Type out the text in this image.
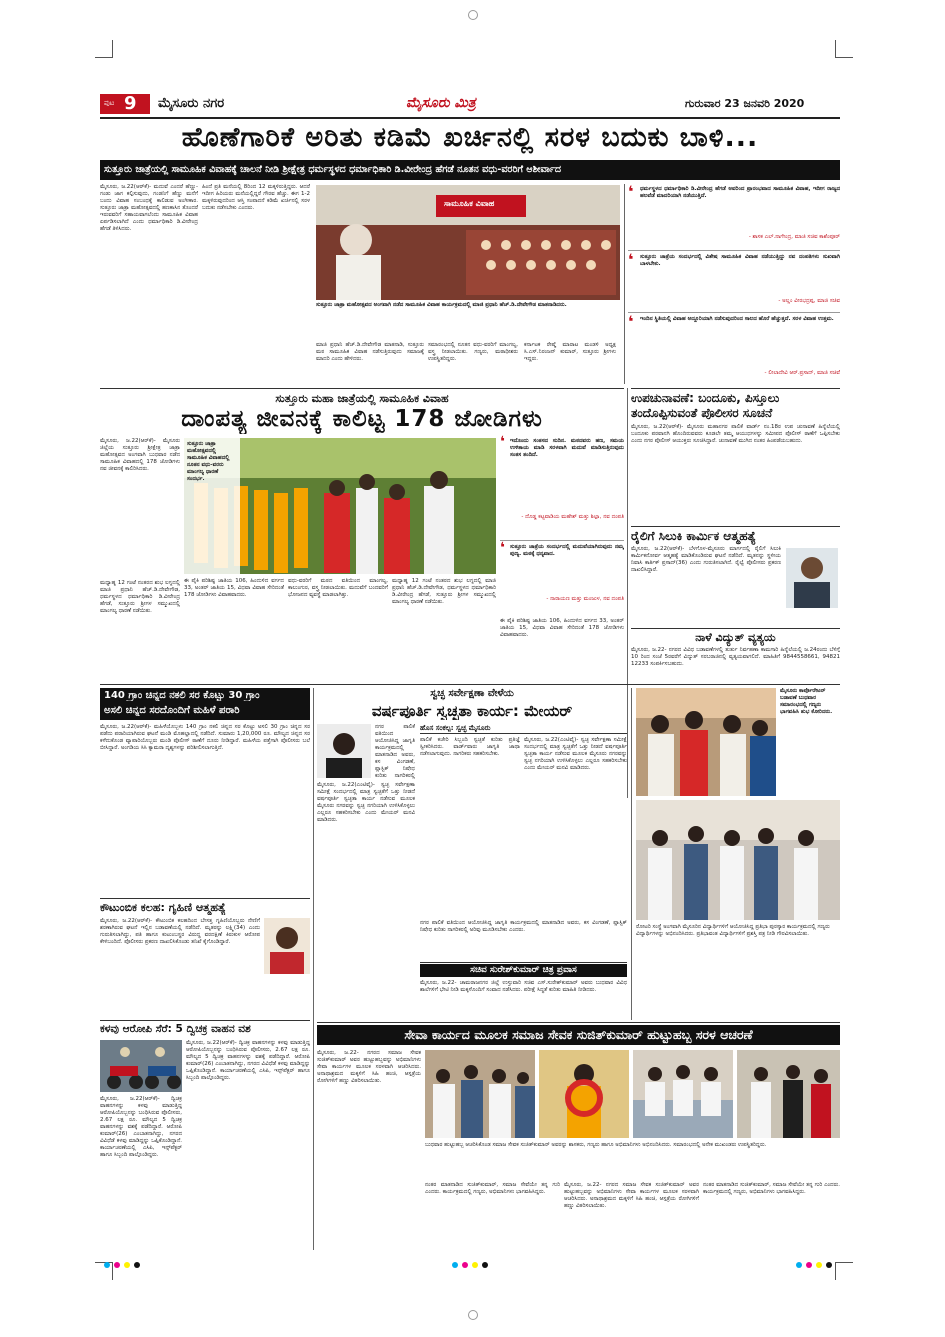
ಪುಟ 9 ಮೈಸೂರು ನಗರ	ಮೈಸೂರು ಮಿತ್ರ	ಗುರುವಾರ 23 ಜನವರಿ 2020
ಹೊಣೆಗಾರಿಕೆ ಅರಿತು ಕಡಿಮೆ ಖರ್ಚಿನಲ್ಲಿ ಸರಳ ಬದುಕು ಬಾಳಿ...
ಸುತ್ತೂರು ಜಾತ್ರೆಯಲ್ಲಿ ಸಾಮೂಹಿಕ ವಿವಾಹಕ್ಕೆ ಚಾಲನೆ ನೀಡಿ ಶ್ರೀಕ್ಷೇತ್ರ ಧರ್ಮಸ್ಥಳದ ಧರ್ಮಾಧಿಕಾರಿ ಡಿ.ವೀರೇಂದ್ರ ಹೆಗಡೆ ನೂತನ ವಧು-ವರರಿಗೆ ಆಶೀರ್ವಾದ
ಮೈಸೂರು, ಜ.22(ಆರ್‌ಕೆ)- ಮದುವೆ ಎಂದರೆ ಹೆಣ್ಣು-ಗಂಡು ಜಾಗ ಕಲ್ಪಿಸುವುದು, ಗಂಡನಿಗೆ ಹೆಣ್ಣು ಮನೆಗೆ ಬಂದು ವಿವಾಹ ಸಂಬಂಧಕ್ಕೆ ಕಾಲಿಡುವ ಅಂಗೀಕಾರ. ಸುತ್ತೂರು ಜಾತ್ರಾ ಮಹೋತ್ಸವದಲ್ಲಿ ಹಣಕಾಸಿನ ತೊಂದರೆ ಇರುವವರಿಗೆ ಸಹಾಯವಾಗಲೆಂದು ಸಾಮೂಹಿಕ ವಿವಾಹ ಏರ್ಪಡಿಸಲಾಗಿದೆ ಎಂದು ಧರ್ಮಾಧಿಕಾರಿ ಡಿ.ವೀರೇಂದ್ರ ಹೆಗಡೆ ತಿಳಿಸಿದರು.
ಹಿಂದೆ ಪ್ರತಿ ಮನೆಯಲ್ಲಿ 8ರಿಂದ 12 ಮಕ್ಕಳಿರುತ್ತಿದ್ದರು. ಆದರೆ ಇದೀಗ ಹಿರಿಯರು ಮನೆಯಲ್ಲಿದ್ದರೆ ಗೌರವ ಹೆಚ್ಚು. ಈಗ 1-2 ಮಕ್ಕಳಿರುವುದರಿಂದ ಆಸ್ತಿ ಸಂಪಾದನೆ ಕಡಿಮೆ ಖರ್ಚಿನಲ್ಲಿ ಸರಳ ಬದುಕು ನಡೆಸಬೇಕು ಎಂದರು.
ಮಾಜಿ ಪ್ರಧಾನಿ ಹೆಚ್.ಡಿ.ದೇವೇಗೌಡ ಮಾತನಾಡಿ, ಸುತ್ತೂರು ಮಠ ಸಾಮೂಹಿಕ ವಿವಾಹ ನಡೆಸುತ್ತಿರುವುದು ಸಮಾಜಕ್ಕೆ ಮಾದರಿ ಎಂದು ಹೇಳಿದರು.
ಸಮಾರಂಭದಲ್ಲಿ ನೂತನ ವಧು-ವರರಿಗೆ ಮಾಂಗಲ್ಯ, ವಸ್ತ್ರ ನೀಡಲಾಯಿತು. ಗಣ್ಯರು, ಮಠಾಧೀಶರು ಉಪಸ್ಥಿತರಿದ್ದರು.
ಕರ್ನಾಟಕ ರೇಷ್ಮೆ ಮಾರಾಟ ಮಂಡಳಿ ಅಧ್ಯಕ್ಷ ಸಿ.ಎಸ್.ನಿರಂಜನ್ ಕುಮಾರ್, ಸುತ್ತೂರು ಶ್ರೀಗಳು ಇದ್ದರು.
ಸಾಮೂಹಿಕ ವಿವಾಹ
ಸುತ್ತೂರು ಜಾತ್ರಾ ಮಹೋತ್ಸವದ ಅಂಗವಾಗಿ ನಡೆದ ಸಾಮೂಹಿಕ ವಿವಾಹ ಕಾರ್ಯಕ್ರಮದಲ್ಲಿ ಮಾಜಿ ಪ್ರಧಾನಿ ಹೆಚ್.ಡಿ.ದೇವೇಗೌಡ ಮಾತನಾಡಿದರು.
❛ ಧರ್ಮಸ್ಥಳದ ಧರ್ಮಾಧಿಕಾರಿ ಡಿ.ವೀರೇಂದ್ರ ಹೆಗಡೆ ಅವರಿಂದ ಪ್ರಾರಂಭವಾದ ಸಾಮೂಹಿಕ ವಿವಾಹ, ಇದೀಗ ರಾಜ್ಯದ ಹಲವೆಡೆ ಮಾದರಿಯಾಗಿ ನಡೆಯುತ್ತಿದೆ.
- ಶಾಸಕ ಎಲ್.ನಾಗೇಂದ್ರ, ಮಾಜಿ ಸಚಿವ ಕಾಶೆಂಪೂರ್
❛ ಸುತ್ತೂರು ಜಾತ್ರೆಯ ಸಂದರ್ಭದಲ್ಲಿ ವಿಶೇಷ ಸಾಮೂಹಿಕ ವಿವಾಹ ನಡೆಯುತ್ತಿದ್ದು ನವ ದಂಪತಿಗಳು ಸುಖವಾಗಿ ಬಾಳಬೇಕು.
- ಅಲ್ಲಂ ವೀರಭದ್ರಪ್ಪ, ಮಾಜಿ ಸಚಿವ
❛ ಇಂದಿನ ಸ್ಥಿತಿಯಲ್ಲಿ ವಿವಾಹ ಅದ್ದೂರಿಯಾಗಿ ನಡೆಸುವುದರಿಂದ ಸಾಲದ ಹೊರೆ ಹೆಚ್ಚುತ್ತದೆ. ಸರಳ ವಿವಾಹ ಉತ್ತಮ.
- ಲೀಲಾದೇವಿ ಆರ್.ಪ್ರಸಾದ್, ಮಾಜಿ ಸಚಿವೆ
ಸುತ್ತೂರು ಮಹಾ ಜಾತ್ರೆಯಲ್ಲಿ ಸಾಮೂಹಿಕ ವಿವಾಹ
ದಾಂಪತ್ಯ ಜೀವನಕ್ಕೆ ಕಾಲಿಟ್ಟ 178 ಜೋಡಿಗಳು
ಮೈಸೂರು, ಜ.22(ಆರ್‌ಕೆ)- ಮೈಸೂರು ಜಿಲ್ಲೆಯ ಸುತ್ತೂರು ಶ್ರೀಕ್ಷೇತ್ರ ಜಾತ್ರಾ ಮಹೋತ್ಸವದ ಅಂಗವಾಗಿ ಬುಧವಾರ ನಡೆದ ಸಾಮೂಹಿಕ ವಿವಾಹದಲ್ಲಿ 178 ಜೋಡಿಗಳು ನವ ಜೀವನಕ್ಕೆ ಕಾಲಿರಿಸಿದರು.
ಮಧ್ಯಾಹ್ನ 12 ಗಂಟೆ ನಂತರದ ಶುಭ ಲಗ್ನದಲ್ಲಿ ಮಾಜಿ ಪ್ರಧಾನಿ ಹೆಚ್.ಡಿ.ದೇವೇಗೌಡ, ಧರ್ಮಸ್ಥಳದ ಧರ್ಮಾಧಿಕಾರಿ ಡಿ.ವೀರೇಂದ್ರ ಹೆಗಡೆ, ಸುತ್ತೂರು ಶ್ರೀಗಳ ಸಮ್ಮುಖದಲ್ಲಿ ಮಾಂಗಲ್ಯ ಧಾರಣೆ ನಡೆಯಿತು.
ಸುತ್ತೂರು ಜಾತ್ರಾ ಮಹೋತ್ಸವದಲ್ಲಿ ಸಾಮೂಹಿಕ ವಿವಾಹದಲ್ಲಿ ನೂತನ ವಧು-ವರರು ಮಾಂಗಲ್ಯ ಧಾರಣೆ ಸಂದರ್ಭ.
❛ ಇದೊಂದು ಸಂತಸದ ಸುದಿನ. ಮಠದವರು ಹಣ, ಸಮಯ ಉಳಿತಾಯ ಮಾಡಿ ಸರಳವಾಗಿ ಮದುವೆ ಮಾಡಿಸುತ್ತಿರುವುದು ಸಂತಸ ತಂದಿದೆ.
- ದೊಡ್ಡ ಕಟ್ಟವಾಡಿಯ ಮಹೇಶ್ ಮತ್ತು ಶಿಲ್ಪಾ, ನವ ದಂಪತಿ
❛ ಸುತ್ತೂರು ಜಾತ್ರೆಯ ಸಂದರ್ಭದಲ್ಲಿ ಮದುವೆಯಾಗಿರುವುದು ನಮ್ಮ ಪುಣ್ಯ. ಮಠಕ್ಕೆ ಧನ್ಯವಾದ.
- ನಾರಾಯಣ ಮತ್ತು ಮಂಜುಳ, ನವ ದಂಪತಿ
ಈ ಪೈಕಿ ಪರಿಶಿಷ್ಟ ಜಾತಿಯ 106, ಹಿಂದುಳಿದ ವರ್ಗದ 33, ಅಂತರ್ ಜಾತಿಯ 15, ವಿಧವಾ ವಿವಾಹ ಸೇರಿದಂತೆ 178 ಜೋಡಿಗಳು ವಿವಾಹವಾದರು.
ವಧು-ವರರಿಗೆ ಮಠದ ವತಿಯಿಂದ ಮಾಂಗಲ್ಯ, ಕಾಲುಂಗುರ, ವಸ್ತ್ರ ನೀಡಲಾಯಿತು. ಮದುವೆಗೆ ಬಂದವರಿಗೆ ಭೋಜನದ ವ್ಯವಸ್ಥೆ ಮಾಡಲಾಗಿತ್ತು.
ಮಧ್ಯಾಹ್ನ 12 ಗಂಟೆ ನಂತರದ ಶುಭ ಲಗ್ನದಲ್ಲಿ ಮಾಜಿ ಪ್ರಧಾನಿ ಹೆಚ್.ಡಿ.ದೇವೇಗೌಡ, ಧರ್ಮಸ್ಥಳದ ಧರ್ಮಾಧಿಕಾರಿ ಡಿ.ವೀರೇಂದ್ರ ಹೆಗಡೆ, ಸುತ್ತೂರು ಶ್ರೀಗಳ ಸಮ್ಮುಖದಲ್ಲಿ ಮಾಂಗಲ್ಯ ಧಾರಣೆ ನಡೆಯಿತು.
ಈ ಪೈಕಿ ಪರಿಶಿಷ್ಟ ಜಾತಿಯ 106, ಹಿಂದುಳಿದ ವರ್ಗದ 33, ಅಂತರ್ ಜಾತಿಯ 15, ವಿಧವಾ ವಿವಾಹ ಸೇರಿದಂತೆ 178 ಜೋಡಿಗಳು ವಿವಾಹವಾದರು.
ಉಪಚುನಾವಣೆ: ಬಂದೂಕು, ಪಿಸ್ತೂಲು
ತಂದೊಪ್ಪಿಸುವಂತೆ ಪೊಲೀಸರ ಸೂಚನೆ
ಮೈಸೂರು, ಜ.22(ಆರ್‌ಕೆ)- ಮೈಸೂರು ಮಹಾನಗರ ಪಾಲಿಕೆ ವಾರ್ಡ್ ನಂ.18ರ ಉಪ ಚುನಾವಣೆ ಹಿನ್ನೆಲೆಯಲ್ಲಿ ಬಂದೂಕು ಪರವಾನಗಿ ಹೊಂದಿರುವವರು ಕೂಡಲೇ ತಮ್ಮ ಆಯುಧಗಳನ್ನು ಸಮೀಪದ ಪೊಲೀಸ್ ಠಾಣೆಗೆ ಒಪ್ಪಿಸಬೇಕು ಎಂದು ನಗರ ಪೊಲೀಸ್ ಆಯುಕ್ತರು ಸೂಚಿಸಿದ್ದಾರೆ. ಚುನಾವಣೆ ಮುಗಿದ ನಂತರ ಹಿಂಪಡೆಯಬಹುದು.
ರೈಲಿಗೆ ಸಿಲುಕಿ ಕಾರ್ಮಿಕ ಆತ್ಮಹತ್ಯೆ
ಮೈಸೂರು, ಜ.22(ಆರ್‌ಕೆ)- ಬೆಳಗೊಳ-ಮೈಸೂರು ಮಾರ್ಗದಲ್ಲಿ ರೈಲಿಗೆ ಸಿಲುಕಿ ಕಾರ್ಮಿಕನೋರ್ವ ಆತ್ಮಹತ್ಯೆ ಮಾಡಿಕೊಂಡಿರುವ ಘಟನೆ ನಡೆದಿದೆ. ಮೃತನನ್ನು ಸ್ಥಳೀಯ ನಿವಾಸಿ ಕಾರ್ತಿಕ್ ಪ್ರಸಾದ್(36) ಎಂದು ಗುರುತಿಸಲಾಗಿದೆ. ರೈಲ್ವೆ ಪೊಲೀಸರು ಪ್ರಕರಣ ದಾಖಲಿಸಿದ್ದಾರೆ.
ನಾಳೆ ವಿದ್ಯುತ್ ವ್ಯತ್ಯಯ
ಮೈಸೂರು, ಜ.22- ನಗರದ ವಿವಿಧ ಬಡಾವಣೆಗಳಲ್ಲಿ ತುರ್ತು ನಿರ್ವಹಣಾ ಕಾಮಗಾರಿ ಹಿನ್ನೆಲೆಯಲ್ಲಿ ಜ.24ರಂದು ಬೆಳಿಗ್ಗೆ 10 ರಿಂದ ಸಂಜೆ 5ರವರೆಗೆ ವಿದ್ಯುತ್ ಸರಬರಾಜಿನಲ್ಲಿ ವ್ಯತ್ಯಯವಾಗಲಿದೆ. ಮಾಹಿತಿಗೆ 9844558661, 94821 12233 ಸಂಪರ್ಕಿಸಬಹುದು.
140 ಗ್ರಾಂ ಚಿನ್ನದ ನಕಲಿ ಸರ ಕೊಟ್ಟು 30 ಗ್ರಾಂ
ಅಸಲಿ ಚಿನ್ನದ ಸರದೊಂದಿಗೆ ಮಹಿಳೆ ಪರಾರಿ
ಮೈಸೂರು, ಜ.22(ಆರ್‌ಕೆ)- ಮಹಿಳೆಯೊಬ್ಬಳು 140 ಗ್ರಾಂ ನಕಲಿ ಚಿನ್ನದ ಸರ ಕೊಟ್ಟು ಅಸಲಿ 30 ಗ್ರಾಂ ಚಿನ್ನದ ಸರ ಪಡೆದು ಪರಾರಿಯಾಗಿರುವ ಘಟನೆ ಮಂಡಿ ಮೊಹಲ್ಲಾದಲ್ಲಿ ನಡೆದಿದೆ. ಸುಮಾರು 1,20,000 ರೂ. ಮೌಲ್ಯದ ಚಿನ್ನದ ಸರ ಕಳೆದುಕೊಂಡ ವ್ಯಾಪಾರಿಯೊಬ್ಬರು ಮಂಡಿ ಪೊಲೀಸ್ ಠಾಣೆಗೆ ದೂರು ನೀಡಿದ್ದಾರೆ. ಮಹಿಳೆಯ ಪತ್ತೆಗಾಗಿ ಪೊಲೀಸರು ಬಲೆ ಬೀಸಿದ್ದಾರೆ. ಅಂಗಡಿಯ ಸಿಸಿ ಕ್ಯಾಮರಾ ದೃಶ್ಯಗಳನ್ನು ಪರಿಶೀಲಿಸಲಾಗುತ್ತಿದೆ.
ಕೌಟುಂಬಿಕ ಕಲಹ: ಗೃಹಿಣಿ ಆತ್ಮಹತ್ಯೆ
ಮೈಸೂರು, ಜ.22(ಆರ್‌ಕೆ)- ಕೌಟುಂಬಿಕ ಕಲಹದಿಂದ ಬೇಸತ್ತ ಗೃಹಿಣಿಯೊಬ್ಬರು ನೇಣಿಗೆ ಶರಣಾಗಿರುವ ಘಟನೆ ಇಲ್ಲಿನ ಬಡಾವಣೆಯಲ್ಲಿ ನಡೆದಿದೆ. ಮೃತರನ್ನು ಲಕ್ಷ್ಮಿ(34) ಎಂದು ಗುರುತಿಸಲಾಗಿದ್ದು, ಪತಿ ಹಾಗೂ ಕುಟುಂಬಸ್ಥರ ವಿರುದ್ಧ ವರದಕ್ಷಿಣೆ ಕಿರುಕುಳ ಆರೋಪ ಕೇಳಿಬಂದಿದೆ. ಪೊಲೀಸರು ಪ್ರಕರಣ ದಾಖಲಿಸಿಕೊಂಡು ತನಿಖೆ ಕೈಗೊಂಡಿದ್ದಾರೆ.
ಕಳವು ಆರೋಪಿ ಸೆರೆ: 5 ದ್ವಿಚಕ್ರ ವಾಹನ ವಶ
ಮೈಸೂರು, ಜ.22(ಆರ್‌ಕೆ)- ದ್ವಿಚಕ್ರ ವಾಹನಗಳನ್ನು ಕಳವು ಮಾಡುತ್ತಿದ್ದ ಆರೋಪಿಯೊಬ್ಬನನ್ನು ಬಂಧಿಸಿರುವ ಪೊಲೀಸರು, 2.67 ಲಕ್ಷ ರೂ. ಮೌಲ್ಯದ 5 ದ್ವಿಚಕ್ರ ವಾಹನಗಳನ್ನು ವಶಕ್ಕೆ ಪಡೆದಿದ್ದಾರೆ. ಆರೋಪಿ ಕುಮಾರ್(26) ಎಂಬಾತನಾಗಿದ್ದು, ನಗರದ ವಿವಿಧೆಡೆ ಕಳವು ಮಾಡಿದ್ದನ್ನು ಒಪ್ಪಿಕೊಂಡಿದ್ದಾನೆ. ಕಾರ್ಯಾಚರಣೆಯಲ್ಲಿ ಎಸಿಪಿ, ಇನ್ಸ್‌ಪೆಕ್ಟರ್ ಹಾಗೂ ಸಿಬ್ಬಂದಿ ಪಾಲ್ಗೊಂಡಿದ್ದರು.
ಮೈಸೂರು, ಜ.22(ಆರ್‌ಕೆ)- ದ್ವಿಚಕ್ರ ವಾಹನಗಳನ್ನು ಕಳವು ಮಾಡುತ್ತಿದ್ದ ಆರೋಪಿಯೊಬ್ಬನನ್ನು ಬಂಧಿಸಿರುವ ಪೊಲೀಸರು, 2.67 ಲಕ್ಷ ರೂ. ಮೌಲ್ಯದ 5 ದ್ವಿಚಕ್ರ ವಾಹನಗಳನ್ನು ವಶಕ್ಕೆ ಪಡೆದಿದ್ದಾರೆ. ಆರೋಪಿ ಕುಮಾರ್(26) ಎಂಬಾತನಾಗಿದ್ದು, ನಗರದ ವಿವಿಧೆಡೆ ಕಳವು ಮಾಡಿದ್ದನ್ನು ಒಪ್ಪಿಕೊಂಡಿದ್ದಾನೆ. ಕಾರ್ಯಾಚರಣೆಯಲ್ಲಿ ಎಸಿಪಿ, ಇನ್ಸ್‌ಪೆಕ್ಟರ್ ಹಾಗೂ ಸಿಬ್ಬಂದಿ ಪಾಲ್ಗೊಂಡಿದ್ದರು.
ಸ್ವಚ್ಛ ಸರ್ವೇಕ್ಷಣಾ ವೇಳೆಯ
ವರ್ಷಪೂರ್ತಿ ಸ್ವಚ್ಛತಾ ಕಾರ್ಯ: ಮೇಯರ್
ಮೈಸೂರು, ಜ.22(ಎಂಟಿವೈ)- ಸ್ವಚ್ಛ ಸರ್ವೇಕ್ಷಣಾ ಸಮೀಕ್ಷೆ ಸಂದರ್ಭದಲ್ಲಿ ಮಾತ್ರ ಸ್ವಚ್ಛತೆಗೆ ಒತ್ತು ನೀಡದೆ ವರ್ಷಪೂರ್ತಿ ಸ್ವಚ್ಛತಾ ಕಾರ್ಯ ನಡೆಸುವ ಮೂಲಕ ಮೈಸೂರು ನಗರವನ್ನು ಸ್ವಚ್ಛ ನಗರಿಯಾಗಿ ಉಳಿಸಿಕೊಳ್ಳಲು ಎಲ್ಲರೂ ಸಹಕರಿಸಬೇಕು ಎಂದು ಮೇಯರ್ ಮನವಿ ಮಾಡಿದರು.
ನಗರ ಪಾಲಿಕೆ ವತಿಯಿಂದ ಆಯೋಜಿಸಿದ್ದ ಜಾಗೃತಿ ಕಾರ್ಯಕ್ರಮದಲ್ಲಿ ಮಾತನಾಡಿದ ಅವರು, ಕಸ ವಿಂಗಡಣೆ, ಪ್ಲಾಸ್ಟಿಕ್ ನಿಷೇಧ ಕುರಿತು ನಾಗರಿಕರಲ್ಲಿ
ಹೊಸ ಸಂಕಲ್ಪ: ಸ್ವಚ್ಛ ಮೈಸೂರು
ಪಾಲಿಕೆ ಕಚೇರಿ ಸಿಬ್ಬಂದಿ ಸ್ವಚ್ಛತೆ ಕುರಿತು ಪ್ರತಿಜ್ಞೆ ಸ್ವೀಕರಿಸಿದರು. ವಾರ್ಡ್‌ವಾರು ಜಾಗೃತಿ ಜಾಥಾ ನಡೆಸಲಾಗುವುದು. ನಾಗರಿಕರು ಸಹಕರಿಸಬೇಕು.
ಮೈಸೂರು, ಜ.22(ಎಂಟಿವೈ)- ಸ್ವಚ್ಛ ಸರ್ವೇಕ್ಷಣಾ ಸಮೀಕ್ಷೆ ಸಂದರ್ಭದಲ್ಲಿ ಮಾತ್ರ ಸ್ವಚ್ಛತೆಗೆ ಒತ್ತು ನೀಡದೆ ವರ್ಷಪೂರ್ತಿ ಸ್ವಚ್ಛತಾ ಕಾರ್ಯ ನಡೆಸುವ ಮೂಲಕ ಮೈಸೂರು ನಗರವನ್ನು ಸ್ವಚ್ಛ ನಗರಿಯಾಗಿ ಉಳಿಸಿಕೊಳ್ಳಲು ಎಲ್ಲರೂ ಸಹಕರಿಸಬೇಕು ಎಂದು ಮೇಯರ್ ಮನವಿ ಮಾಡಿದರು.
ನಗರ ಪಾಲಿಕೆ ವತಿಯಿಂದ ಆಯೋಜಿಸಿದ್ದ ಜಾಗೃತಿ ಕಾರ್ಯಕ್ರಮದಲ್ಲಿ ಮಾತನಾಡಿದ ಅವರು, ಕಸ ವಿಂಗಡಣೆ, ಪ್ಲಾಸ್ಟಿಕ್ ನಿಷೇಧ ಕುರಿತು ನಾಗರಿಕರಲ್ಲಿ ಅರಿವು ಮೂಡಿಸಬೇಕು ಎಂದರು.
ಸಚಿವ ಸುರೇಶ್‌ಕುಮಾರ್ ಚಿತ್ರ ಪ್ರವಾಸ
ಮೈಸೂರು, ಜ.22- ಚಾಮರಾಜನಗರ ಜಿಲ್ಲೆ ಉಸ್ತುವಾರಿ ಸಚಿವ ಎಸ್.ಸುರೇಶ್‌ಕುಮಾರ್ ಅವರು ಬುಧವಾರ ವಿವಿಧ ಶಾಲೆಗಳಿಗೆ ಭೇಟಿ ನೀಡಿ ಮಕ್ಕಳೊಂದಿಗೆ ಸಂವಾದ ನಡೆಸಿದರು. ಪರೀಕ್ಷೆ ಸಿದ್ಧತೆ ಕುರಿತು ಮಾಹಿತಿ ನೀಡಿದರು.
ಮೈಸೂರು ಕಾರ್ಪೊರೇಟರ್ ಬಡಾವಣೆ ಬುಧವಾರ ಸಮಾರಂಭದಲ್ಲಿ ಗಣ್ಯರು ಭಾಗವಹಿಸಿ ಶುಭ ಕೋರಿದರು.
ರೋಟರಿ ಸಂಸ್ಥೆ ಅಂಗವಾಗಿ ಮೈಸೂರಿನ ವಿದ್ಯಾರ್ಥಿಗಳಿಗೆ ಆಯೋಜಿಸಿದ್ದ ಪ್ರತಿಭಾ ಪುರಸ್ಕಾರ ಕಾರ್ಯಕ್ರಮದಲ್ಲಿ ಗಣ್ಯರು ವಿದ್ಯಾರ್ಥಿಗಳನ್ನು ಅಭಿನಂದಿಸಿದರು. ಪ್ರತಿಭಾವಂತ ವಿದ್ಯಾರ್ಥಿಗಳಿಗೆ ಪ್ರಶಸ್ತಿ ಪತ್ರ ನೀಡಿ ಗೌರವಿಸಲಾಯಿತು.
ಸೇವಾ ಕಾರ್ಯದ ಮೂಲಕ ಸಮಾಜ ಸೇವಕ ಸುಜಿತ್‌ಕುಮಾರ್ ಹುಟ್ಟುಹಬ್ಬ ಸರಳ ಆಚರಣೆ
ಮೈಸೂರು, ಜ.22- ನಗರದ ಸಮಾಜ ಸೇವಕ ಸುಜಿತ್‌ಕುಮಾರ್ ಅವರ ಹುಟ್ಟುಹಬ್ಬವನ್ನು ಅಭಿಮಾನಿಗಳು ಸೇವಾ ಕಾರ್ಯಗಳ ಮೂಲಕ ಸರಳವಾಗಿ ಆಚರಿಸಿದರು. ಅನಾಥಾಶ್ರಮದ ಮಕ್ಕಳಿಗೆ ಸಿಹಿ ಹಂಚಿ, ಆಸ್ಪತ್ರೆಯ ರೋಗಿಗಳಿಗೆ ಹಣ್ಣು ವಿತರಿಸಲಾಯಿತು.
ಬುಧವಾರ ಹುಟ್ಟುಹಬ್ಬ ಆಚರಿಸಿಕೊಂಡ ಸಮಾಜ ಸೇವಕ ಸುಜಿತ್‌ಕುಮಾರ್ ಅವರನ್ನು ಶಾಸಕರು, ಗಣ್ಯರು ಹಾಗೂ ಅಭಿಮಾನಿಗಳು ಅಭಿನಂದಿಸಿದರು. ಸಮಾರಂಭದಲ್ಲಿ ಅನೇಕ ಮುಖಂಡರು ಉಪಸ್ಥಿತರಿದ್ದರು.
ನಂತರ ಮಾತನಾಡಿದ ಸುಜಿತ್‌ಕುಮಾರ್, ಸಮಾಜ ಸೇವೆಯೇ ತನ್ನ ಗುರಿ ಎಂದರು. ಕಾರ್ಯಕ್ರಮದಲ್ಲಿ ಗಣ್ಯರು, ಅಭಿಮಾನಿಗಳು ಭಾಗವಹಿಸಿದ್ದರು.
ಮೈಸೂರು, ಜ.22- ನಗರದ ಸಮಾಜ ಸೇವಕ ಸುಜಿತ್‌ಕುಮಾರ್ ಅವರ ಹುಟ್ಟುಹಬ್ಬವನ್ನು ಅಭಿಮಾನಿಗಳು ಸೇವಾ ಕಾರ್ಯಗಳ ಮೂಲಕ ಸರಳವಾಗಿ ಆಚರಿಸಿದರು. ಅನಾಥಾಶ್ರಮದ ಮಕ್ಕಳಿಗೆ ಸಿಹಿ ಹಂಚಿ, ಆಸ್ಪತ್ರೆಯ ರೋಗಿಗಳಿಗೆ ಹಣ್ಣು ವಿತರಿಸಲಾಯಿತು.
ನಂತರ ಮಾತನಾಡಿದ ಸುಜಿತ್‌ಕುಮಾರ್, ಸಮಾಜ ಸೇವೆಯೇ ತನ್ನ ಗುರಿ ಎಂದರು. ಕಾರ್ಯಕ್ರಮದಲ್ಲಿ ಗಣ್ಯರು, ಅಭಿಮಾನಿಗಳು ಭಾಗವಹಿಸಿದ್ದರು.
